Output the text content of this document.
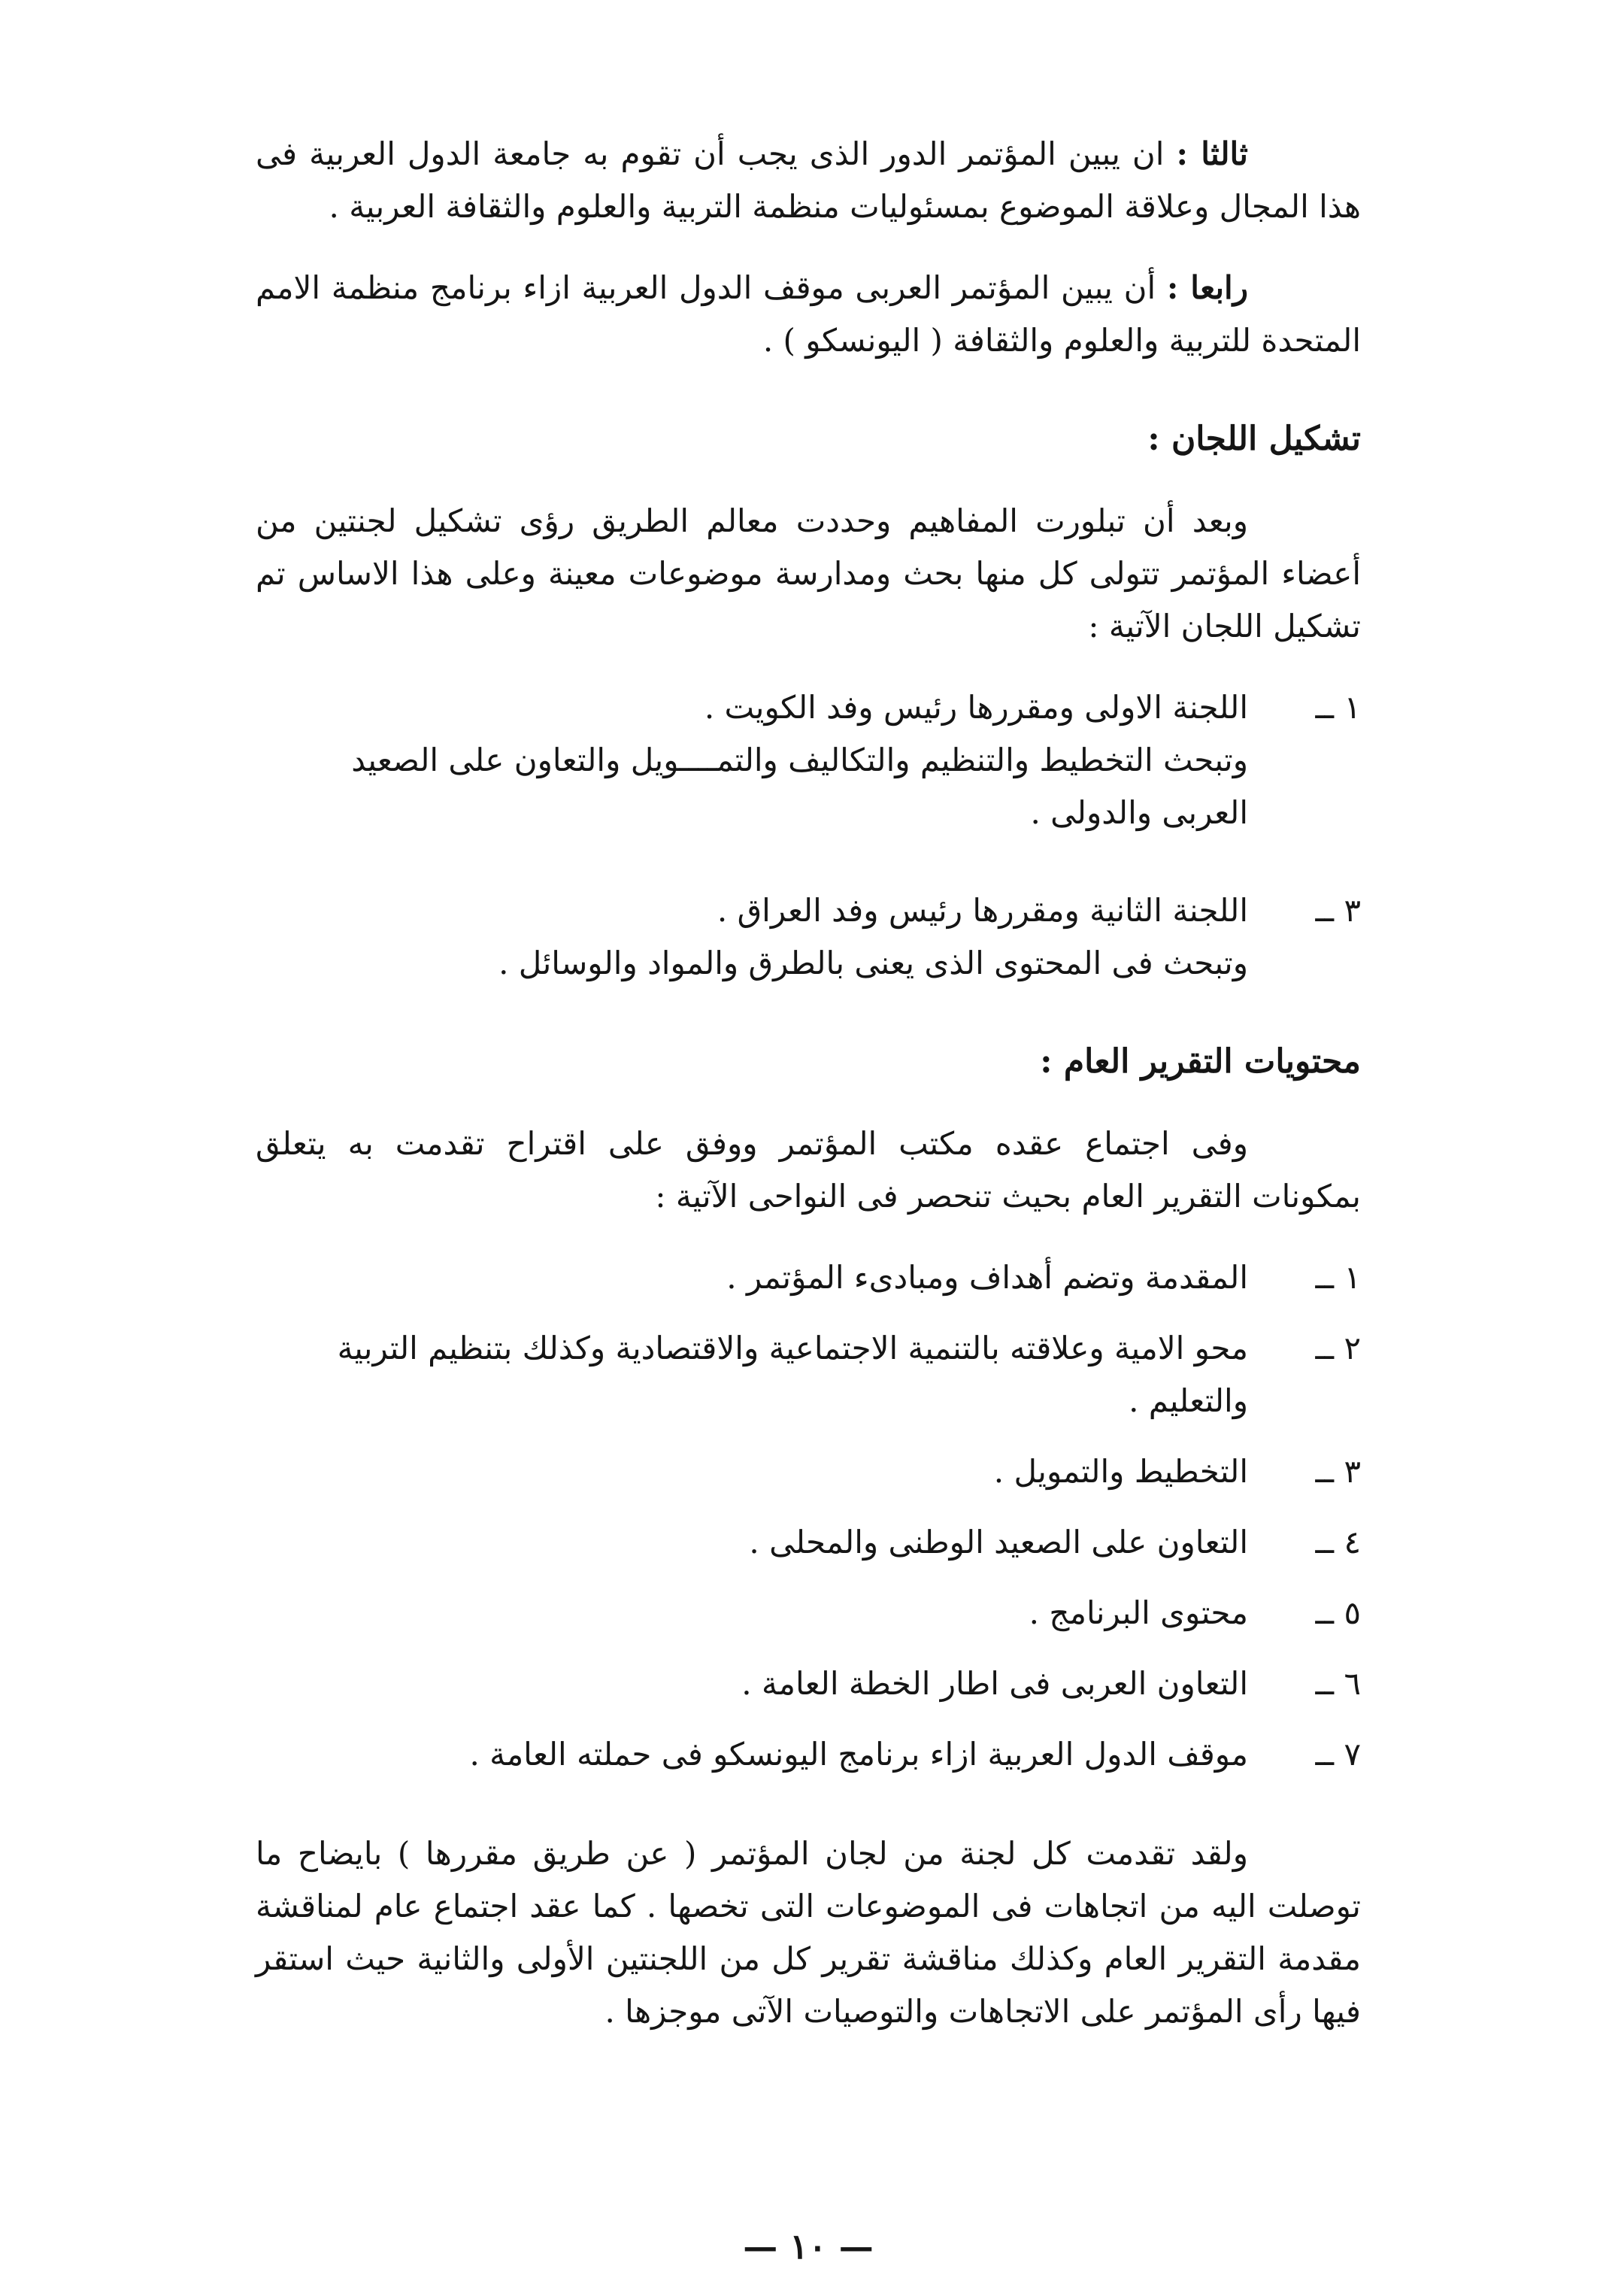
ثالثا : ان يبين المؤتمر الدور الذى يجب أن تقوم به جامعة الدول العربية فى هذا المجال وعلاقة الموضوع بمسئوليات منظمة التربية والعلوم والثقافة العربية .

رابعا : أن يبين المؤتمر العربى موقف الدول العربية ازاء برنامج منظمة الامم المتحدة للتربية والعلوم والثقافة ( اليونسكو ) .

تشكيل اللجان :

وبعد أن تبلورت المفاهيم وحددت معالم الطريق رؤى تشكيل لجنتين من أعضاء المؤتمر تتولى كل منها بحث ومدارسة موضوعات معينة وعلى هذا الاساس تم تشكيل اللجان الآتية :

١ ــ
اللجنة الاولى ومقررها رئيس وفد الكويت .

وتبحث التخطيط والتنظيم والتكاليف والتمــــويل والتعاون على الصعيد العربى والدولى .

٣ ــ
اللجنة الثانية ومقررها رئيس وفد العراق .

وتبحث فى المحتوى الذى يعنى بالطرق والمواد والوسائل .

محتويات التقرير العام :

وفى اجتماع عقده مكتب المؤتمر ووفق على اقتراح تقدمت به يتعلق بمكونات التقرير العام بحيث تنحصر فى النواحى الآتية :

١ ــ
المقدمة وتضم أهداف ومبادىء المؤتمر .
٢ ــ
محو الامية وعلاقته بالتنمية الاجتماعية والاقتصادية وكذلك بتنظيم التربية والتعليم .
٣ ــ
التخطيط والتمويل .
٤ ــ
التعاون على الصعيد الوطنى والمحلى .
٥ ــ
محتوى البرنامج .
٦ ــ
التعاون العربى فى اطار الخطة العامة .
٧ ــ
موقف الدول العربية ازاء برنامج اليونسكو فى حملته العامة .

ولقد تقدمت كل لجنة من لجان المؤتمر ( عن طريق مقررها ) بايضاح ما توصلت اليه من اتجاهات فى الموضوعات التى تخصها . كما عقد اجتماع عام لمناقشة مقدمة التقرير العام وكذلك مناقشة تقرير كل من اللجنتين الأولى والثانية حيث استقر فيها رأى المؤتمر على الاتجاهات والتوصيات الآتى موجزها .

— ١٠ —
